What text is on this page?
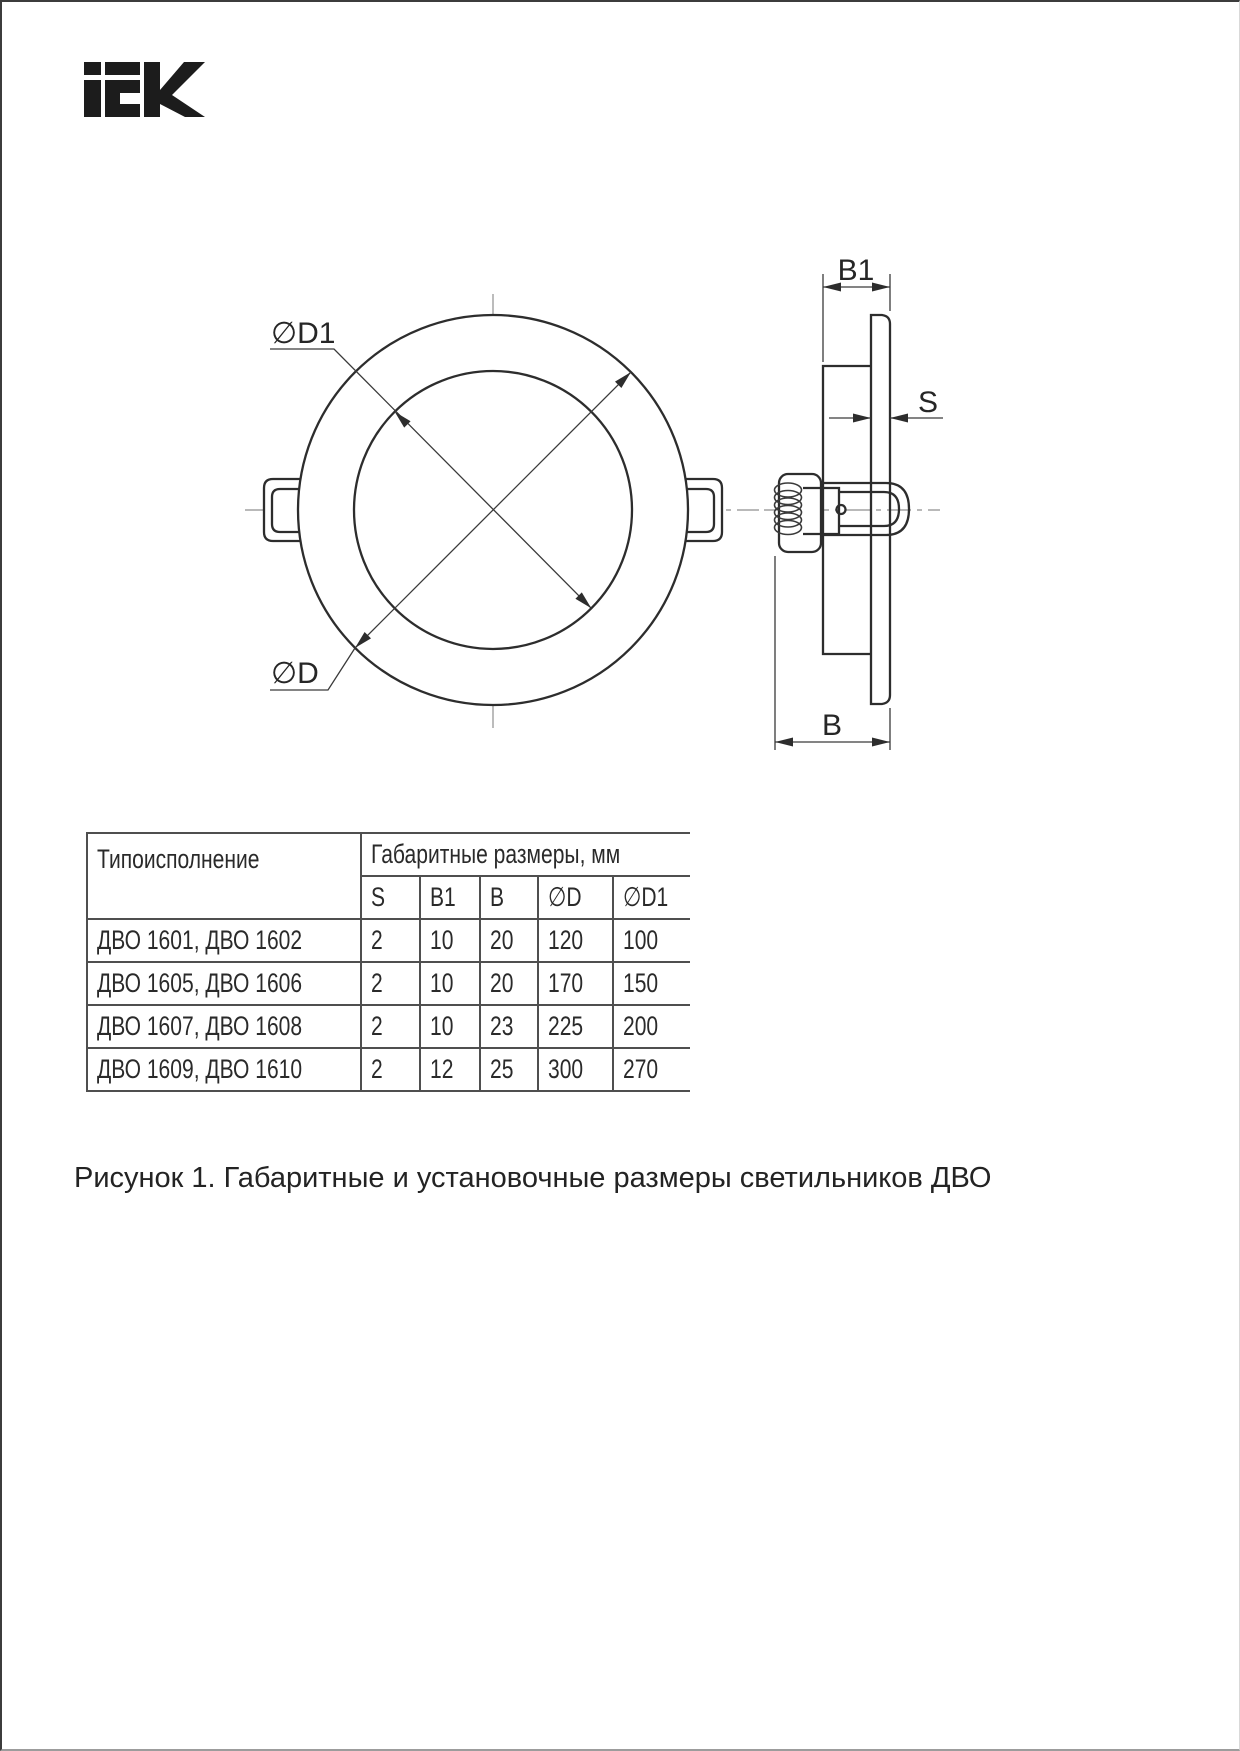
∅D1
∅D
B1
S
B
Типоисполнение	Габаритные размеры, мм				
	S	B1	B	∅D	∅D1
ДВО 1601, ДВО 1602	2	10	20	120	100
ДВО 1605, ДВО 1606	2	10	20	170	150
ДВО 1607, ДВО 1608	2	10	23	225	200
ДВО 1609, ДВО 1610	2	12	25	300	270
Рисунок 1. Габаритные и установочные размеры светильников ДВО
